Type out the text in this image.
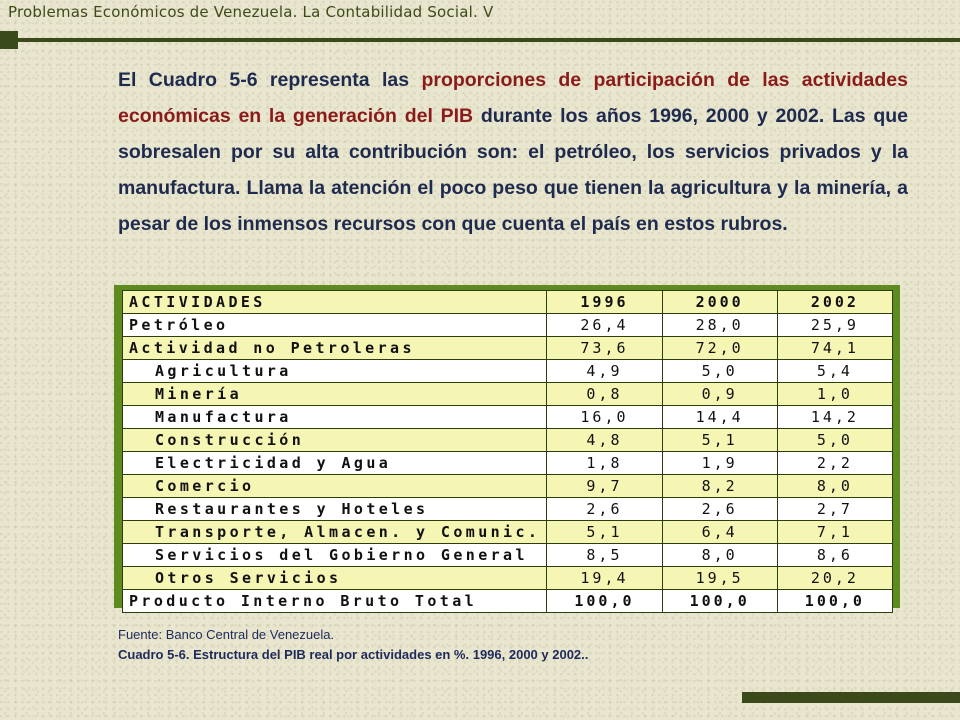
Problemas Económicos de Venezuela. La Contabilidad Social. V
El Cuadro 5-6 representa las proporciones de participación de las actividades económicas en la generación del PIB durante los años 1996, 2000 y 2002. Las que sobresalen por su alta contribución son: el petróleo, los servicios privados y la manufactura. Llama la atención el poco peso que tienen la agricultura y la minería, a pesar de los inmensos recursos con que cuenta el país en estos rubros.
ACTIVIDADES	1996	2000	2002
Petróleo	26,4	28,0	25,9
Actividad no Petroleras	73,6	72,0	74,1
Agricultura	4,9	5,0	5,4
Minería	0,8	0,9	1,0
Manufactura	16,0	14,4	14,2
Construcción	4,8	5,1	5,0
Electricidad y Agua	1,8	1,9	2,2
Comercio	9,7	8,2	8,0
Restaurantes y Hoteles	2,6	2,6	2,7
Transporte, Almacen. y Comunic.	5,1	6,4	7,1
Servicios del Gobierno General	8,5	8,0	8,6
Otros Servicios	19,4	19,5	20,2
Producto Interno Bruto Total	100,0	100,0	100,0
Fuente: Banco Central de Venezuela.
Cuadro 5-6. Estructura del PIB real por actividades en %. 1996, 2000 y 2002..
